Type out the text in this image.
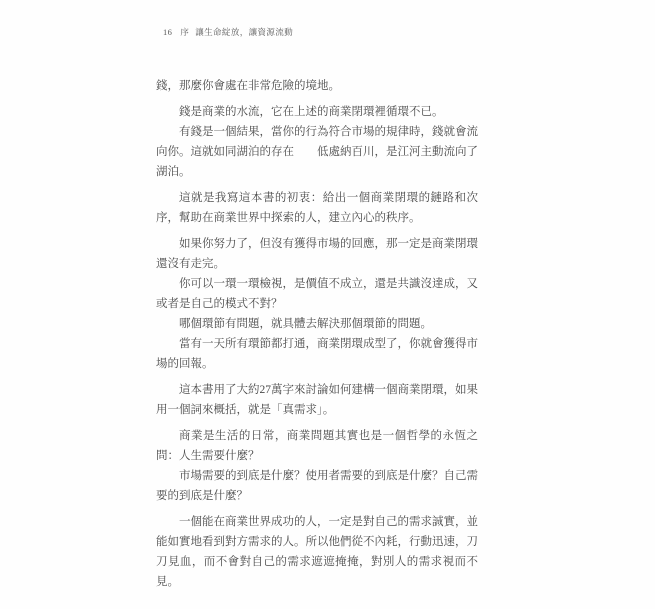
16 序 讓生命綻放，讓資源流動

錢，那麼你會處在非常危險的境地。

錢是商業的水流，它在上述的商業閉環裡循環不已。

有錢是一個結果，當你的行為符合市場的規律時，錢就會流向你。這就如同湖泊的存在　　低處納百川，是江河主動流向了湖泊。

這就是我寫這本書的初衷：給出一個商業閉環的鏈路和次序，幫助在商業世界中探索的人，建立內心的秩序。

如果你努力了，但沒有獲得市場的回應，那一定是商業閉環還沒有走完。

你可以一環一環檢視，是價值不成立，還是共識沒達成，又或者是自己的模式不對？

哪個環節有問題，就具體去解決那個環節的問題。

當有一天所有環節都打通，商業閉環成型了，你就會獲得市場的回報。

這本書用了大約27萬字來討論如何建構一個商業閉環，如果用一個詞來概括，就是「真需求」。

商業是生活的日常，商業問題其實也是一個哲學的永恆之問：人生需要什麼？

市場需要的到底是什麼？使用者需要的到底是什麼？自己需要的到底是什麼？

一個能在商業世界成功的人，一定是對自己的需求誠實，並能如實地看到對方需求的人。所以他們從不內耗，行動迅速，刀刀見血，而不會對自己的需求遮遮掩掩，對別人的需求視而不見。
